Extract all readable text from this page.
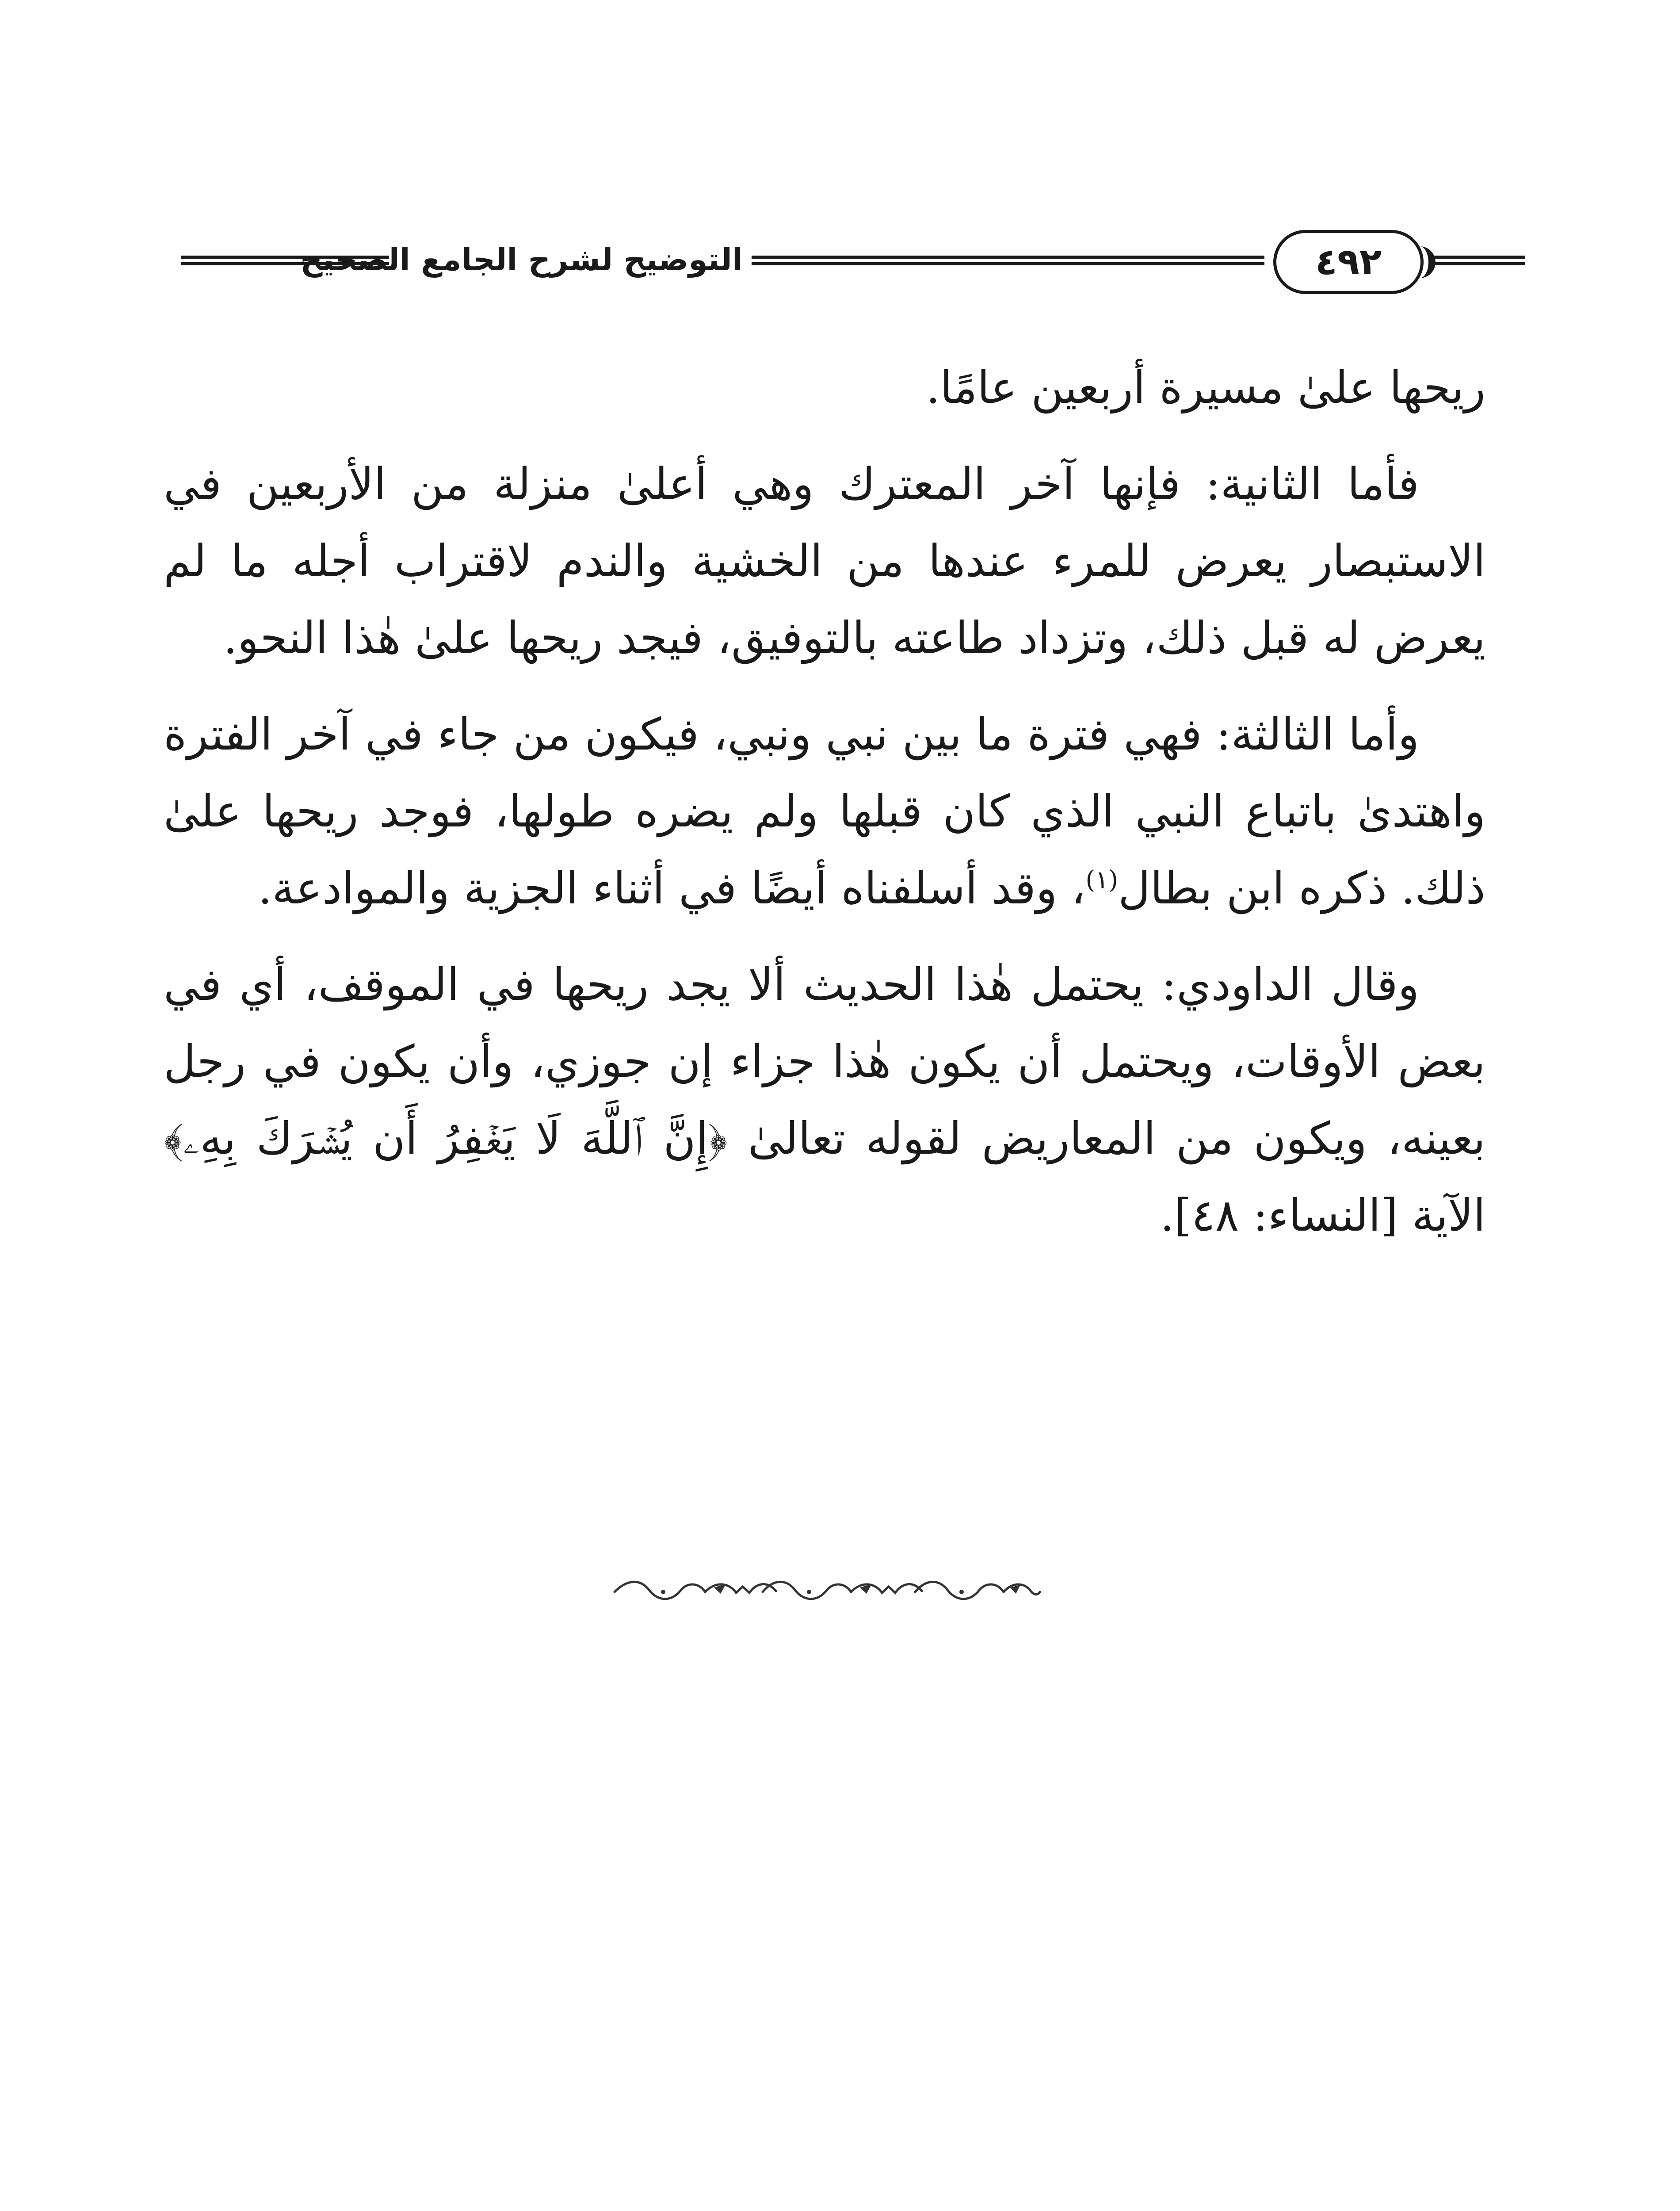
التوضيح لشرح الجامع الصحيح	٤٩٢

ريحها علىٰ مسيرة أربعين عامًا.

فأما الثانية: فإنها آخر المعترك وهي أعلىٰ منزلة من الأربعين في الاستبصار يعرض للمرء عندها من الخشية والندم لاقتراب أجله ما لم يعرض له قبل ذلك، وتزداد طاعته بالتوفيق، فيجد ريحها علىٰ هٰذا النحو.

وأما الثالثة: فهي فترة ما بين نبي ونبي، فيكون من جاء في آخر الفترة واهتدىٰ باتباع النبي الذي كان قبلها ولم يضره طولها، فوجد ريحها علىٰ ذلك. ذكره ابن بطال$^{(١)}$، وقد أسلفناه أيضًا في أثناء الجزية والموادعة.

وقال الداودي: يحتمل هٰذا الحديث ألا يجد ريحها في الموقف، أي في بعض الأوقات، ويحتمل أن يكون هٰذا جزاء إن جوزي، وأن يكون في رجل بعينه، ويكون من المعاريض لقوله تعالىٰ ﴿إِنَّ ٱللَّهَ لَا يَغۡفِرُ أَن يُشۡرَكَ بِهِۦ﴾ الآية [النساء: ٤٨].
